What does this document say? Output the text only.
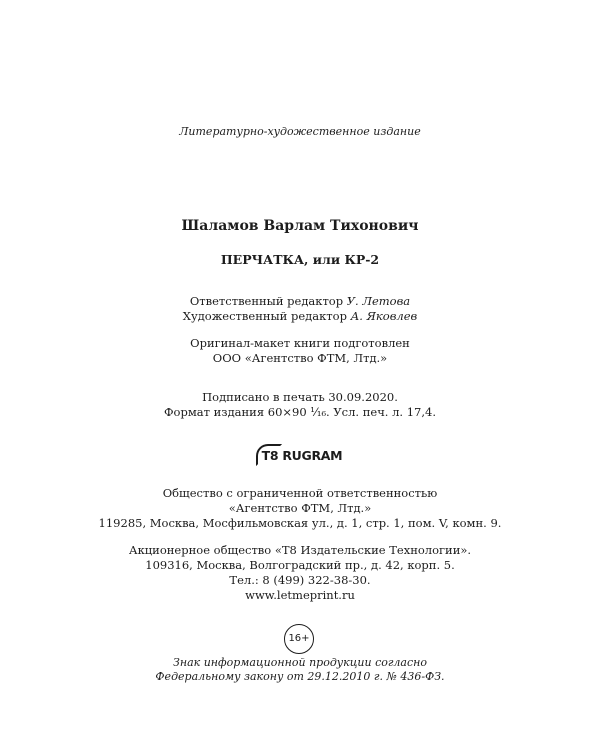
Литературно-художественное издание
Шаламов Варлам Тихонович
ПЕРЧАТКА, или КР-2
Ответственный редактор У. Летова
Художественный редактор А. Яковлев
Оригинал-макет книги подготовлен
ООО «Агентство ФТМ, Лтд.»
Подписано в печать 30.09.2020.
Формат издания 60×90 ¹⁄₁₆. Усл. печ. л. 17,4.
T8 RUGRAM
Общество с ограниченной ответственностью
«Агентство ФТМ, Лтд.»
119285, Москва, Мосфильмовская ул., д. 1, стр. 1, пом. V, комн. 9.
Акционерное общество «Т8 Издательские Технологии».
109316, Москва, Волгоградский пр., д. 42, корп. 5.
Тел.: 8 (499) 322-38-30.
www.letmeprint.ru
16+
Знак информационной продукции согласно
Федеральному закону от 29.12.2010 г. № 436-ФЗ.
